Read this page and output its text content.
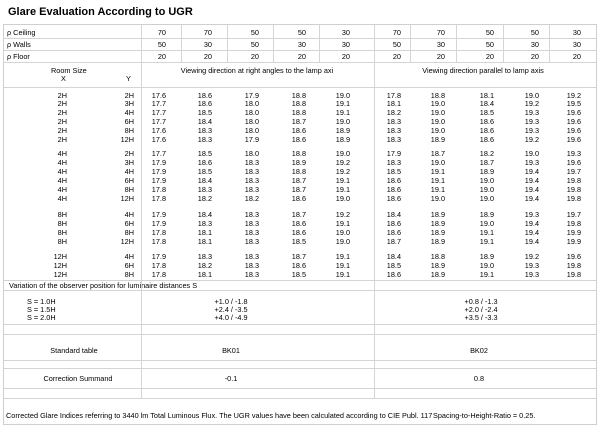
Glare Evaluation According to UGR
ρ Ceiling	70	70	50	50	30	70	70	50	50	30
ρ Walls	50	30	50	30	30	50	30	50	30	30
ρ Floor	20	20	20	20	20	20	20	20	20	20
Room Size
X	Y
Viewing direction at right angles to the lamp axi	Viewing direction parallel to lamp axis
2H	2H	17.6	18.6	17.9	18.8	19.0	17.8	18.8	18.1	19.0	19.2
2H	3H	17.7	18.6	18.0	18.8	19.1	18.1	19.0	18.4	19.2	19.5
2H	4H	17.7	18.5	18.0	18.8	19.1	18.2	19.0	18.5	19.3	19.6
2H	6H	17.7	18.4	18.0	18.7	19.0	18.3	19.0	18.6	19.3	19.6
2H	8H	17.6	18.3	18.0	18.6	18.9	18.3	19.0	18.6	19.3	19.6
2H	12H	17.6	18.3	17.9	18.6	18.9	18.3	18.9	18.6	19.2	19.6
4H	2H	17.7	18.5	18.0	18.8	19.0	17.9	18.7	18.2	19.0	19.3
4H	3H	17.9	18.6	18.3	18.9	19.2	18.3	19.0	18.7	19.3	19.6
4H	4H	17.9	18.5	18.3	18.8	19.2	18.5	19.1	18.9	19.4	19.7
4H	6H	17.9	18.4	18.3	18.7	19.1	18.6	19.1	19.0	19.4	19.8
4H	8H	17.8	18.3	18.3	18.7	19.1	18.6	19.1	19.0	19.4	19.8
4H	12H	17.8	18.2	18.2	18.6	19.0	18.6	19.0	19.0	19.4	19.8
8H	4H	17.9	18.4	18.3	18.7	19.2	18.4	18.9	18.9	19.3	19.7
8H	6H	17.9	18.3	18.3	18.6	19.1	18.6	18.9	19.0	19.4	19.8
8H	8H	17.8	18.1	18.3	18.6	19.0	18.6	18.9	19.1	19.4	19.9
8H	12H	17.8	18.1	18.3	18.5	19.0	18.7	18.9	19.1	19.4	19.9
12H	4H	17.9	18.3	18.3	18.7	19.1	18.4	18.8	18.9	19.2	19.6
12H	6H	17.8	18.2	18.3	18.6	19.1	18.5	18.9	19.0	19.3	19.8
12H	8H	17.8	18.1	18.3	18.5	19.1	18.6	18.9	19.1	19.3	19.8
Variation of the observer position for luminaire distances S
S = 1.0H	+1.0 / -1.8	+0.8 / -1.3
S = 1.5H	+2.4 / -3.5	+2.0 / -2.4
S = 2.0H	+4.0 / -4.9	+3.5 / -3.3
Standard table	BK01	BK02
Correction Summand	-0.1	0.8
Corrected Glare Indices referring to 3440 lm Total Luminous Flux. The UGR values have been calculated according to CIE Publ. 117 Spacing-to-Height-Ratio = 0.25.
